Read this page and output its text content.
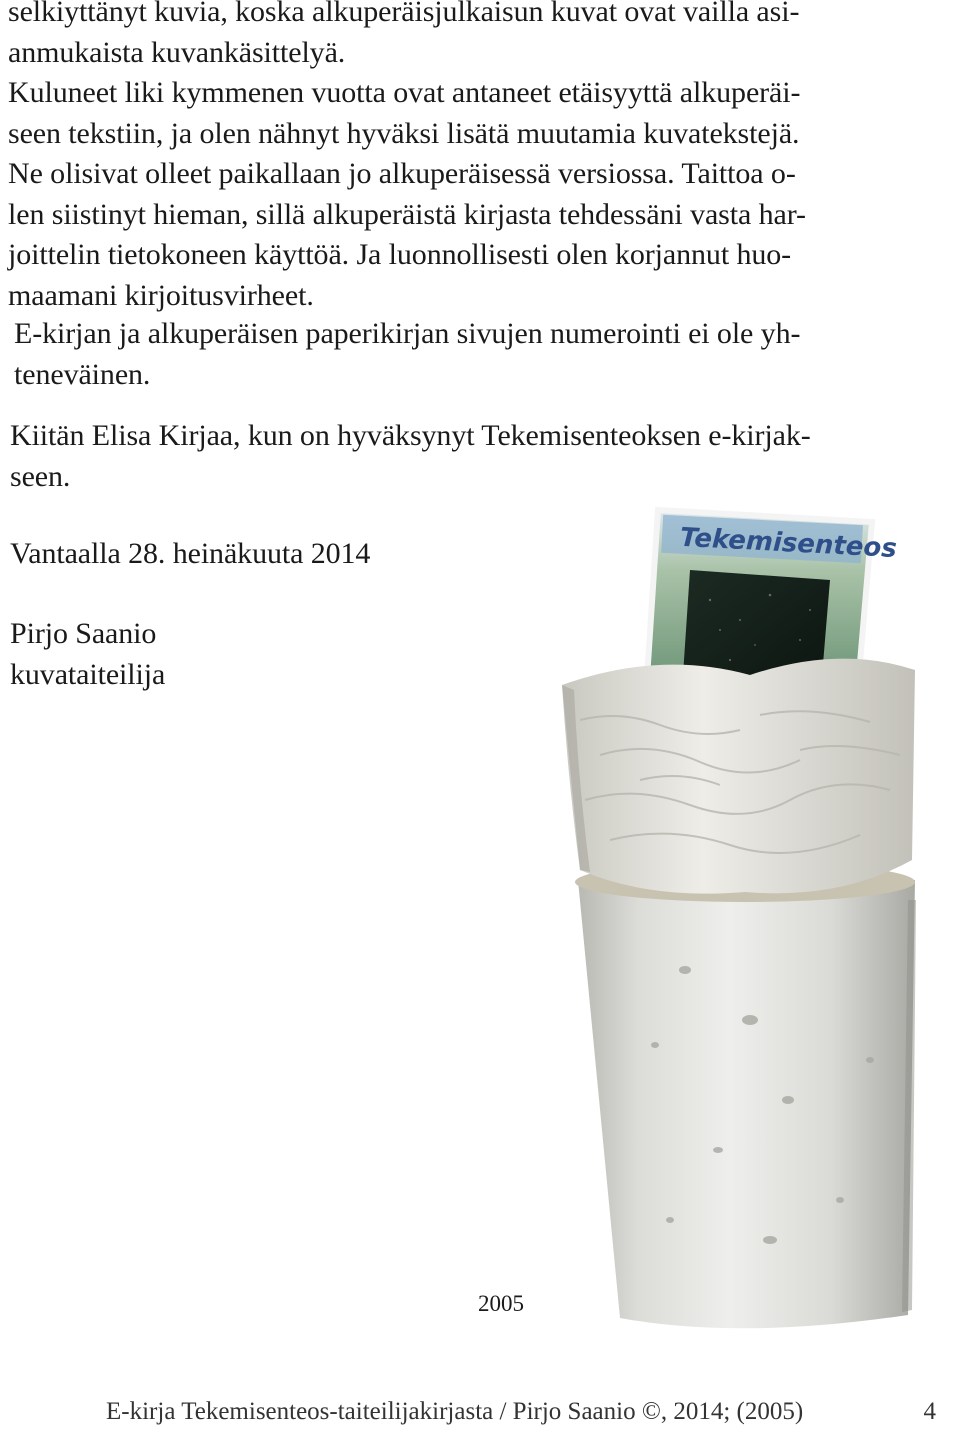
selkiyttänyt kuvia, koska alkuperäisjulkaisun kuvat ovat vailla asi-
anmukaista kuvankäsittelyä.
Kuluneet liki kymmenen vuotta ovat antaneet etäisyyttä alkuperäi-
seen tekstiin, ja olen nähnyt hyväksi lisätä muutamia kuvatekstejä.
Ne olisivat olleet paikallaan jo alkuperäisessä versiossa. Taittoa o-
len siistinyt hieman, sillä alkuperäistä kirjasta tehdessäni vasta har-
joittelin tietokoneen käyttöä. Ja luonnollisesti olen korjannut huo-
maamani kirjoitusvirheet.
E-kirjan ja alkuperäisen paperikirjan sivujen numerointi ei ole yh-
teneväinen.
Kiitän Elisa Kirjaa, kun on hyväksynyt Tekemisenteoksen e-kirjak-
seen.
Vantaalla 28. heinäkuuta 2014
Pirjo Saanio
kuvataiteilija
Tekemisenteos
2005
E-kirja Tekemisenteos-taiteilijakirjasta / Pirjo Saanio ©, 2014; (2005)	4
